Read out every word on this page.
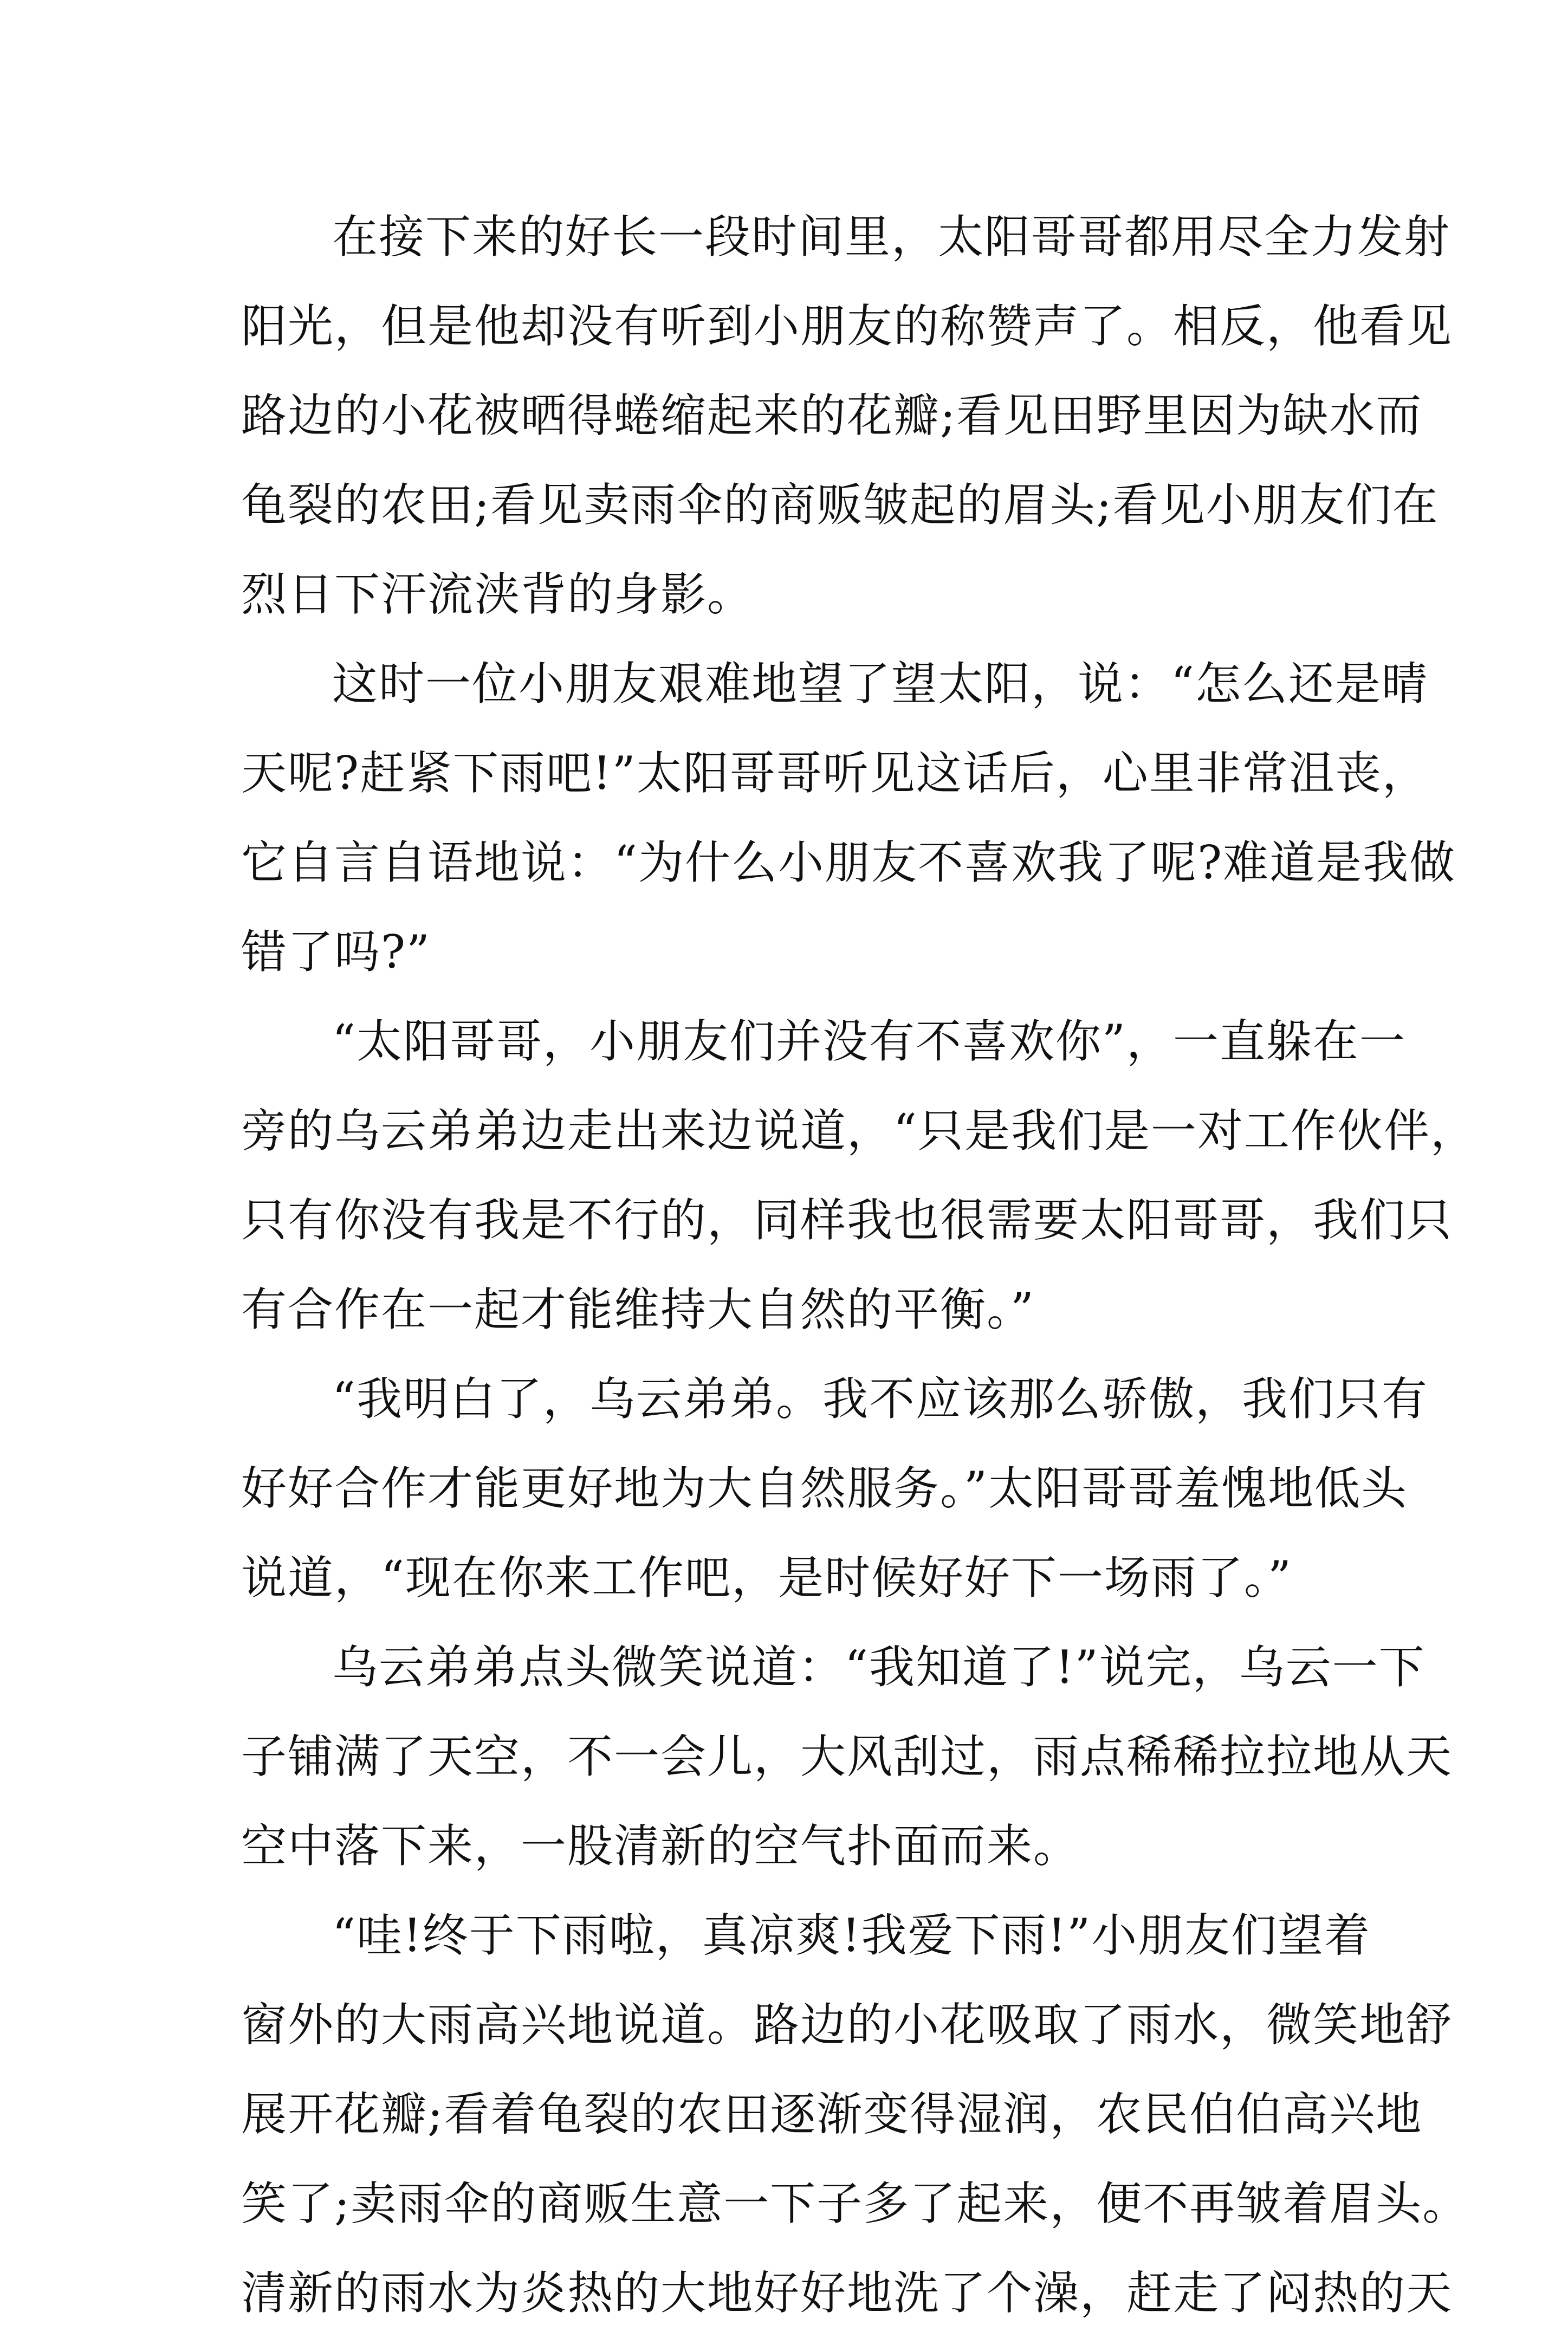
在接下来的好长一段时间里，太阳哥哥都用尽全力发射
阳光，但是他却没有听到小朋友的称赞声了。相反，他看见
路边的小花被晒得蜷缩起来的花瓣;看见田野里因为缺水而
龟裂的农田;看见卖雨伞的商贩皱起的眉头;看见小朋友们在
烈日下汗流浃背的身影。
这时一位小朋友艰难地望了望太阳，说：“怎么还是晴
天呢?赶紧下雨吧!”太阳哥哥听见这话后，心里非常沮丧，
它自言自语地说：“为什么小朋友不喜欢我了呢?难道是我做
错了吗?”
“太阳哥哥，小朋友们并没有不喜欢你”，一直躲在一
旁的乌云弟弟边走出来边说道，“只是我们是一对工作伙伴，
只有你没有我是不行的，同样我也很需要太阳哥哥，我们只
有合作在一起才能维持大自然的平衡。”
“我明白了，乌云弟弟。我不应该那么骄傲，我们只有
好好合作才能更好地为大自然服务。”太阳哥哥羞愧地低头
说道，“现在你来工作吧，是时候好好下一场雨了。”
乌云弟弟点头微笑说道：“我知道了!”说完，乌云一下
子铺满了天空，不一会儿，大风刮过，雨点稀稀拉拉地从天
空中落下来，一股清新的空气扑面而来。
“哇!终于下雨啦，真凉爽!我爱下雨!”小朋友们望着
窗外的大雨高兴地说道。路边的小花吸取了雨水，微笑地舒
展开花瓣;看着龟裂的农田逐渐变得湿润，农民伯伯高兴地
笑了;卖雨伞的商贩生意一下子多了起来，便不再皱着眉头。
清新的雨水为炎热的大地好好地洗了个澡，赶走了闷热的天
